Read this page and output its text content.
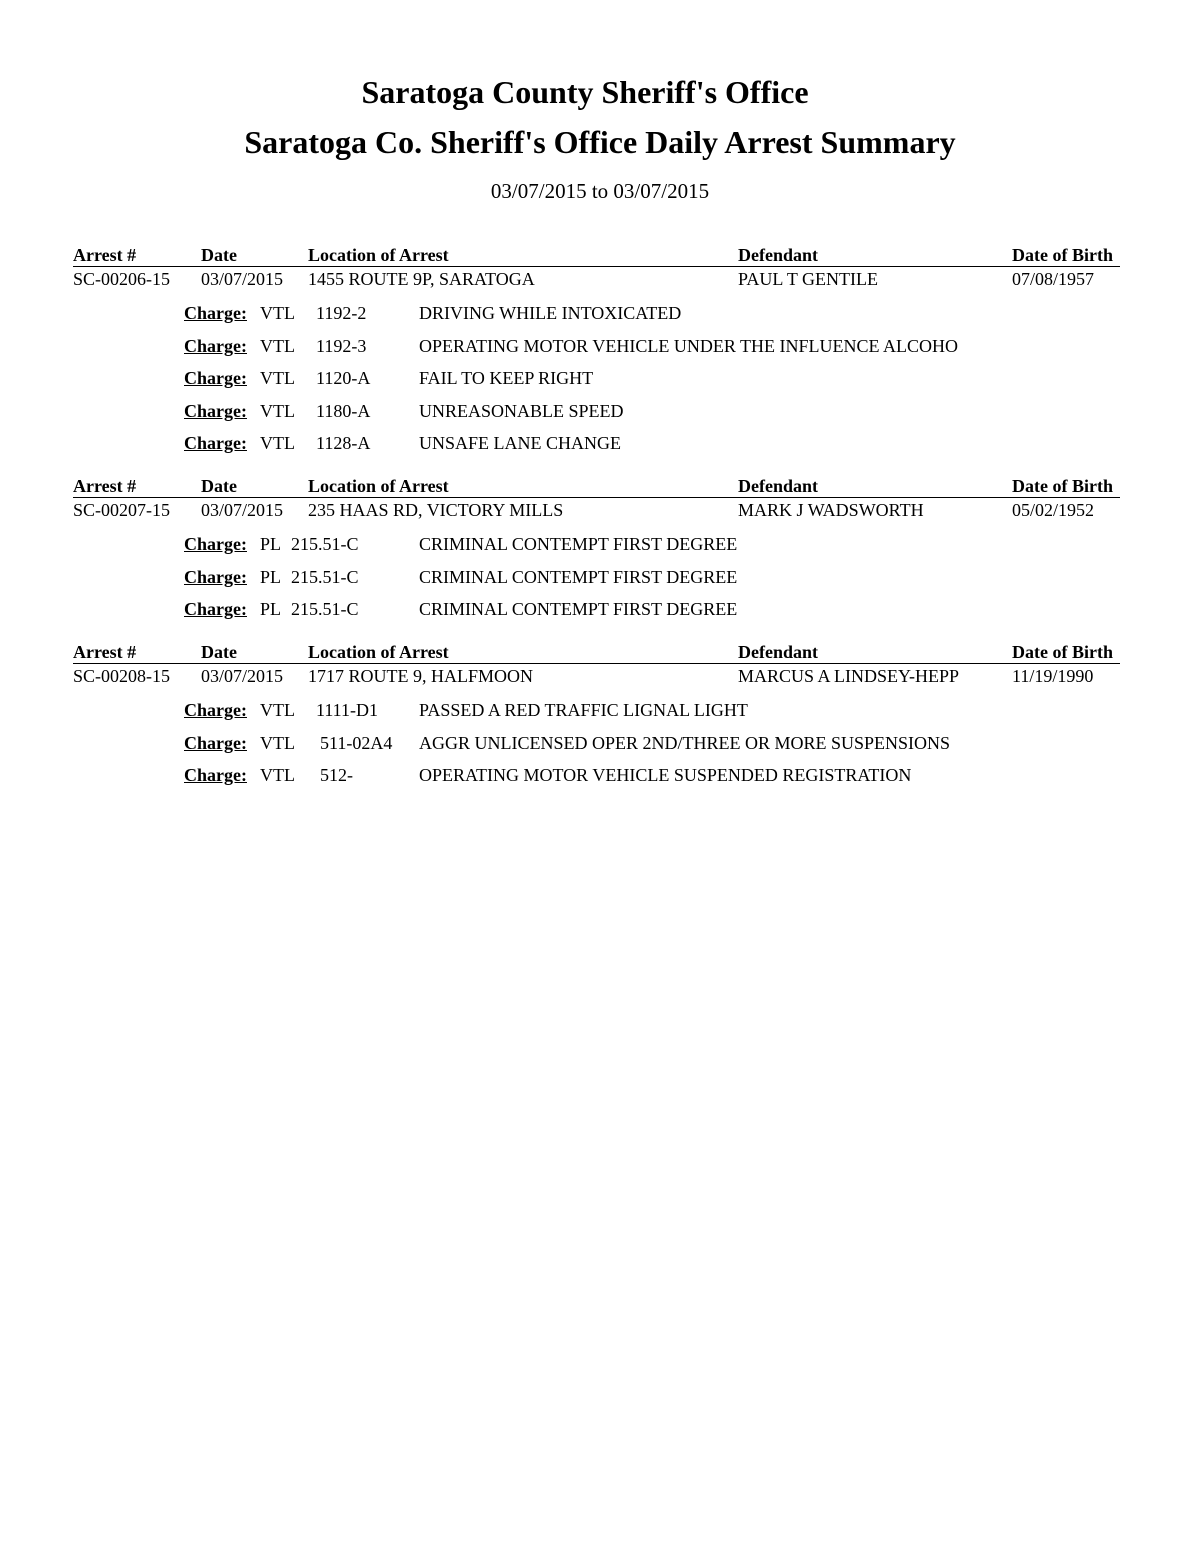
Saratoga County Sheriff's Office
Saratoga Co. Sheriff's Office Daily Arrest Summary
03/07/2015 to 03/07/2015
Arrest #	Date	Location of Arrest	Defendant	Date of Birth
SC-00206-15 03/07/2015 1455 ROUTE 9P, SARATOGA	PAUL T GENTILE	07/08/1957
Charge: VTL 1192-2	DRIVING WHILE INTOXICATED
Charge: VTL 1192-3	OPERATING MOTOR VEHICLE UNDER THE INFLUENCE ALCOHO
Charge: VTL 1120-A	FAIL TO KEEP RIGHT
Charge: VTL 1180-A	UNREASONABLE SPEED
Charge: VTL 1128-A	UNSAFE LANE CHANGE
Arrest #	Date	Location of Arrest	Defendant	Date of Birth
SC-00207-15 03/07/2015 235 HAAS RD, VICTORY MILLS	MARK J WADSWORTH	05/02/1952
Charge: PL 215.51-C	CRIMINAL CONTEMPT FIRST DEGREE
Charge: PL 215.51-C	CRIMINAL CONTEMPT FIRST DEGREE
Charge: PL 215.51-C	CRIMINAL CONTEMPT FIRST DEGREE
Arrest #	Date	Location of Arrest	Defendant	Date of Birth
SC-00208-15 03/07/2015 1717 ROUTE 9, HALFMOON	MARCUS A LINDSEY-HEPP	11/19/1990
Charge: VTL 1111-D1 PASSED A RED TRAFFIC LIGNAL LIGHT
Charge: VTL 511-02A4 AGGR UNLICENSED OPER 2ND/THREE OR MORE SUSPENSIONS
Charge: VTL 512-	OPERATING MOTOR VEHICLE SUSPENDED REGISTRATION
